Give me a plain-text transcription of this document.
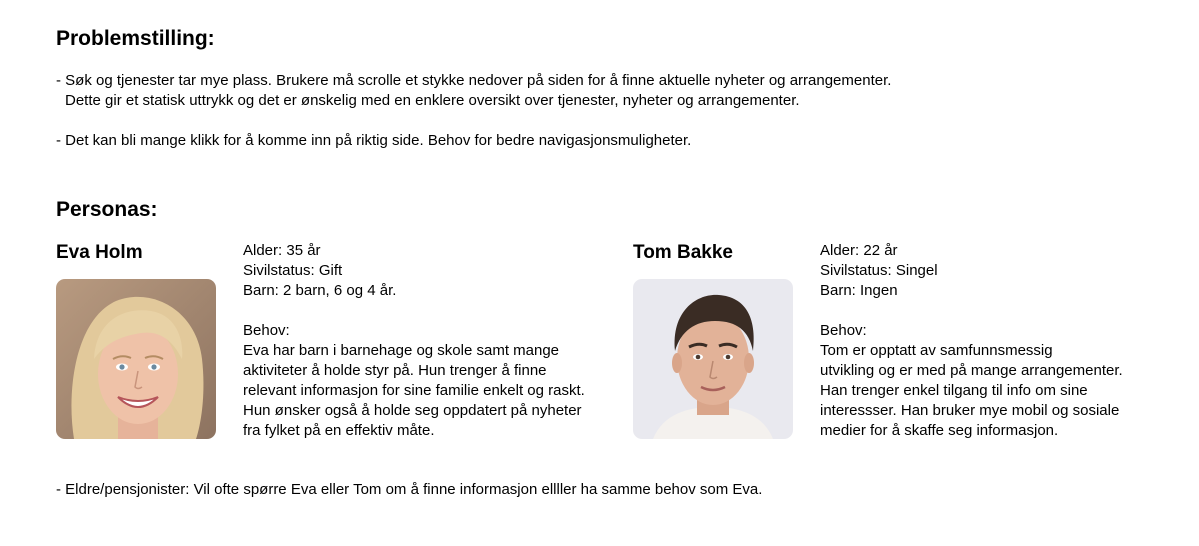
Problemstilling:
- Søk og tjenester tar mye plass. Brukere må scrolle et stykke nedover på siden for å finne aktuelle nyheter og arrangementer.
Dette gir et statisk uttrykk og det er ønskelig med en enklere oversikt over tjenester, nyheter og arrangementer.
- Det kan bli mange klikk for å komme inn på riktig side. Behov for bedre navigasjonsmuligheter.
Personas:
Eva Holm	Alder: 35 år
Sivilstatus: Gift
Barn: 2 barn, 6 og 4 år.
Behov:
Eva har barn i barnehage og skole samt mange
aktiviteter å holde styr på. Hun trenger å finne
relevant informasjon for sine familie enkelt og raskt.
Hun ønsker også å holde seg oppdatert på nyheter
fra fylket på en effektiv måte.
Tom Bakke	Alder: 22 år
Sivilstatus: Singel
Barn: Ingen
Behov:
Tom er opptatt av samfunnsmessig
utvikling og er med på mange arrangementer.
Han trenger enkel tilgang til info om sine
interessser. Han bruker mye mobil og sosiale
medier for å skaffe seg informasjon.
- Eldre/pensjonister: Vil ofte spørre Eva eller Tom om å finne informasjon ellller ha samme behov som Eva.
